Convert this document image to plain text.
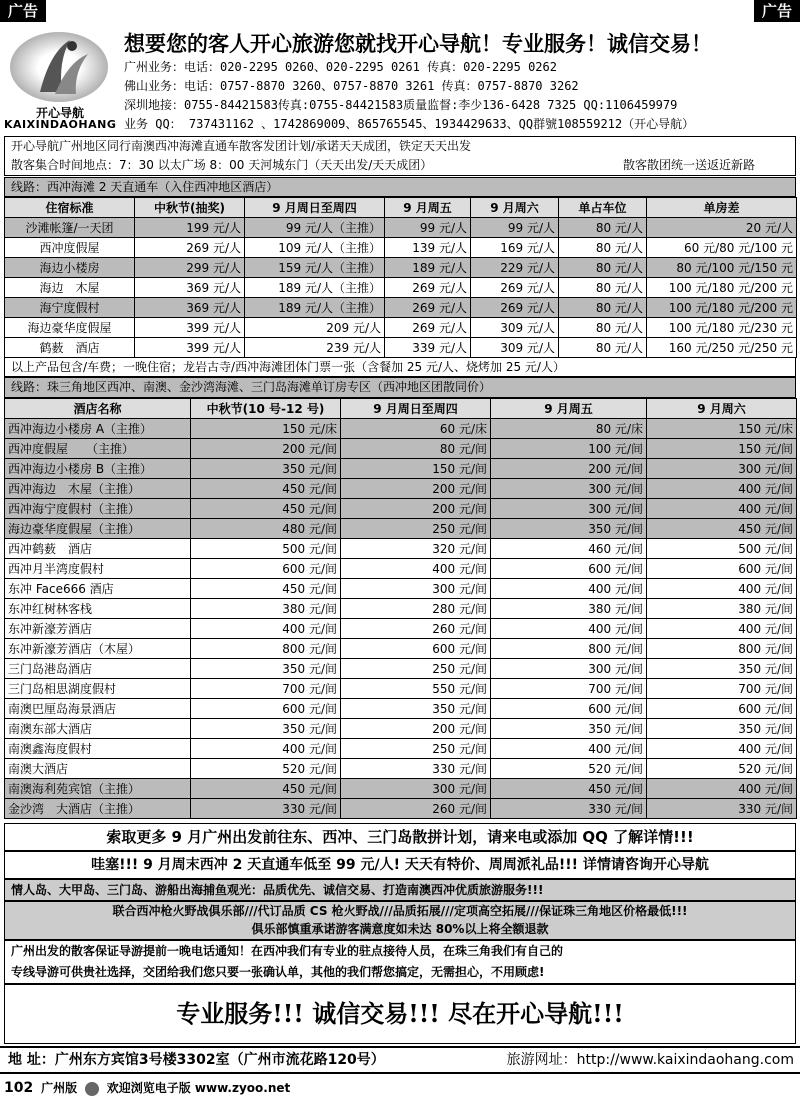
广告	广告
开心导航
KAIXINDAOHANG
想要您的客人开心旅游您就找开心导航！专业服务！诚信交易！
广州业务：电话：020-2295 0260、020-2295 0261 传真：020-2295 0262
佛山业务：电话：0757-8870 3260、0757-8870 3261 传真：0757-8870 3262
深圳地接：0755-84421583传真:0755-84421583质量监督:李少136-6428 7325 QQ:1106459979
业务 QQ： 737431162 、1742869009、865765545、1934429633、QQ群號108559212（开心导航）
开心导航广州地区同行南澳西冲海滩直通车散客发团计划/承诺天天成团，铁定天天出发
散客集合时间地点：7：30 以太广场 8：00 天河城东门（天天出发/天天成团）	散客散团统一送返近新路
线路：西冲海滩 2 天直通车（入住西冲地区酒店）
住宿标准	中秋节(抽奖)	9 月周日至周四	9 月周五	9 月周六	单占车位	单房差
沙滩帐篷/一天团	199 元/人	99 元/人（主推）	99 元/人	99 元/人	80 元/人	20 元/人
西冲度假屋	269 元/人	109 元/人（主推）	139 元/人	169 元/人	80 元/人	60 元/80 元/100 元
海边小楼房	299 元/人	159 元/人（主推）	189 元/人	229 元/人	80 元/人	80 元/100 元/150 元
海边　木屋	369 元/人	189 元/人（主推）	269 元/人	269 元/人	80 元/人	100 元/180 元/200 元
海宁度假村	369 元/人	189 元/人（主推）	269 元/人	269 元/人	80 元/人	100 元/180 元/200 元
海边豪华度假屋	399 元/人	209 元/人	269 元/人	309 元/人	80 元/人	100 元/180 元/230 元
鹤薮　酒店	399 元/人	239 元/人	339 元/人	309 元/人	80 元/人	160 元/250 元/250 元
以上产品包含/车费；一晚住宿；龙岩古寺/西冲海滩团体门票一张（含餐加 25 元/人、烧烤加 25 元/人）
线路：珠三角地区西冲、南澳、金沙湾海滩、三门岛海滩单订房专区（西冲地区团散同价）
酒店名称	中秋节(10 号-12 号)	9 月周日至周四	9 月周五	9 月周六
西冲海边小楼房 A（主推）	150 元/床	60 元/床	80 元/床	150 元/床
西冲度假屋　　（主推）	200 元/间	80 元/间	100 元/间	150 元/间
西冲海边小楼房 B（主推）	350 元/间	150 元/间	200 元/间	300 元/间
西冲海边　木屋（主推）	450 元/间	200 元/间	300 元/间	400 元/间
西冲海宁度假村（主推）	450 元/间	200 元/间	300 元/间	400 元/间
海边豪华度假屋（主推）	480 元/间	250 元/间	350 元/间	450 元/间
西冲鹤薮　酒店	500 元/间	320 元/间	460 元/间	500 元/间
西冲月半湾度假村	600 元/间	400 元/间	600 元/间	600 元/间
东冲 Face666 酒店	450 元/间	300 元/间	400 元/间	400 元/间
东冲红树林客栈	380 元/间	280 元/间	380 元/间	380 元/间
东冲新濠芳酒店	400 元/间	260 元/间	400 元/间	400 元/间
东冲新濠芳酒店（木屋）	800 元/间	600 元/间	800 元/间	800 元/间
三门岛港岛酒店	350 元/间	250 元/间	300 元/间	350 元/间
三门岛相思湖度假村	700 元/间	550 元/间	700 元/间	700 元/间
南澳巴厘岛海景酒店	600 元/间	350 元/间	600 元/间	600 元/间
南澳东部大酒店	350 元/间	200 元/间	350 元/间	350 元/间
南澳鑫海度假村	400 元/间	250 元/间	400 元/间	400 元/间
南澳大酒店	520 元/间	330 元/间	520 元/间	520 元/间
南澳海利苑宾馆（主推）	450 元/间	300 元/间	450 元/间	400 元/间
金沙湾　大酒店（主推）	330 元/间	260 元/间	330 元/间	330 元/间
索取更多 9 月广州出发前往东、西冲、三门岛散拼计划，请来电或添加 QQ 了解详情!!!
哇塞!!! 9 月周末西冲 2 天直通车低至 99 元/人! 天天有特价、周周派礼品!!! 详情请咨询开心导航
情人岛、大甲岛、三门岛、游船出海捕鱼观光：品质优先、诚信交易、打造南澳西冲优质旅游服务!!!
联合西冲枪火野战俱乐部///代订品质 CS 枪火野战///品质拓展///定项高空拓展///保证珠三角地区价格最低!!!
俱乐部慎重承诺游客满意度如未达 80%以上将全额退款
广州出发的散客保证导游提前一晚电话通知！在西冲我们有专业的驻点接待人员，在珠三角我们有自己的
专线导游可供贵社选择，交团给我们您只要一张确认单，其他的我们帮您搞定，无需担心，不用顾虑!
专业服务!!! 诚信交易!!! 尽在开心导航!!!
地 址：广州东方宾馆3号楼3302室（广州市流花路120号）	旅游网址：http://www.kaixindaohang.com
102 广州版 欢迎浏览电子版 www.zyoo.net
